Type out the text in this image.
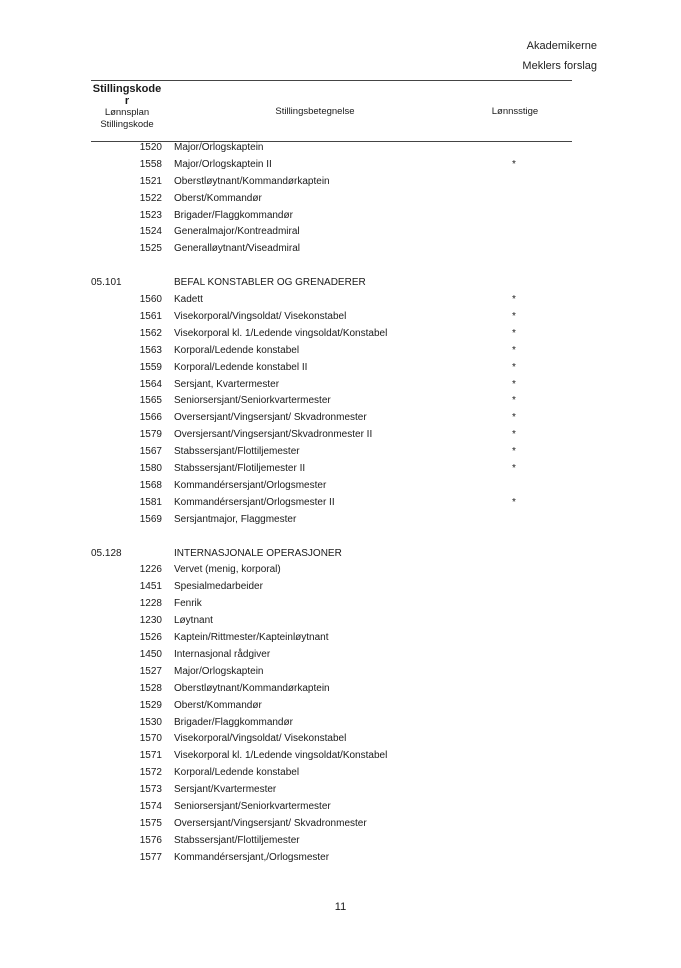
Akademikerne
Meklers forslag
Stillingskode
r
Lønnsplan
Stillingskode
Stillingsbetegnelse	Lønnsstige
1520 Major/Orlogskaptein
1558 Major/Orlogskaptein II	*
1521 Oberstløytnant/Kommandørkaptein
1522 Oberst/Kommandør
1523 Brigader/Flaggkommandør
1524 Generalmajor/Kontreadmiral
1525 Generalløytnant/Viseadmiral
05.101	BEFAL KONSTABLER OG GRENADERER
1560 Kadett	*
1561 Visekorporal/Vingsoldat/ Visekonstabel	*
1562 Visekorporal kl. 1/Ledende vingsoldat/Konstabel	*
1563 Korporal/Ledende konstabel	*
1559 Korporal/Ledende konstabel II	*
1564 Sersjant, Kvartermester	*
1565 Seniorsersjant/Seniorkvartermester	*
1566 Oversersjant/Vingsersjant/ Skvadronmester	*
1579 Oversjersant/Vingsersjant/Skvadronmester II	*
1567 Stabssersjant/Flottiljemester	*
1580 Stabssersjant/Flotiljemester II	*
1568 Kommandérsersjant/Orlogsmester
1581 Kommandérsersjant/Orlogsmester II	*
1569 Sersjantmajor, Flaggmester
05.128	INTERNASJONALE OPERASJONER
1226 Vervet (menig, korporal)
1451 Spesialmedarbeider
1228 Fenrik
1230 Løytnant
1526 Kaptein/Rittmester/Kapteinløytnant
1450 Internasjonal rådgiver
1527 Major/Orlogskaptein
1528 Oberstløytnant/Kommandørkaptein
1529 Oberst/Kommandør
1530 Brigader/Flaggkommandør
1570 Visekorporal/Vingsoldat/ Visekonstabel
1571 Visekorporal kl. 1/Ledende vingsoldat/Konstabel
1572 Korporal/Ledende konstabel
1573 Sersjant/Kvartermester
1574 Seniorsersjant/Seniorkvartermester
1575 Oversersjant/Vingsersjant/ Skvadronmester
1576 Stabssersjant/Flottiljemester
1577 Kommandérsersjant,/Orlogsmester
11
